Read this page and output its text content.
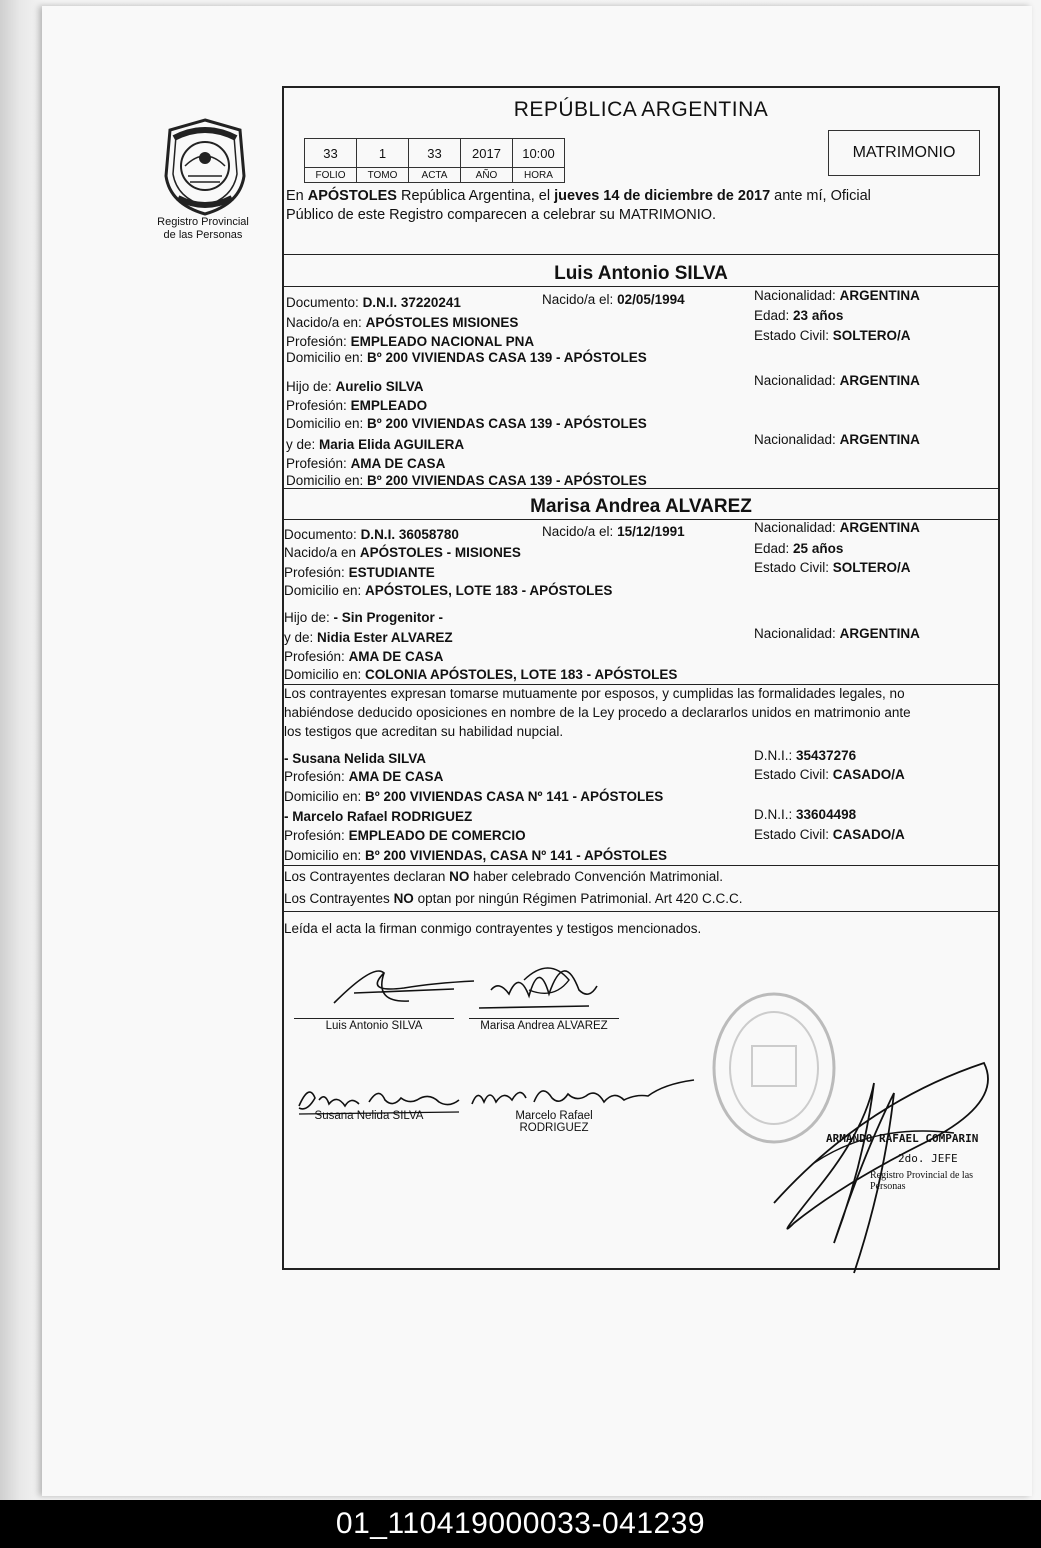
Registro Provincial
de las Personas
REPÚBLICA ARGENTINA
33	1	33	2017	10:00
FOLIO	TOMO	ACTA	AÑO	HORA
MATRIMONIO
En APÓSTOLES República Argentina, el jueves 14 de diciembre de 2017 ante mí, Oficial
Público de este Registro comparecen a celebrar su MATRIMONIO.
Luis Antonio SILVA
Documento: D.N.I. 37220241	Nacido/a el: 02/05/1994	Nacionalidad: ARGENTINA
Nacido/a en: APÓSTOLES MISIONES	Edad: 23 años
Profesión: EMPLEADO NACIONAL PNA	Estado Civil: SOLTERO/A
Domicilio en: Bº 200 VIVIENDAS CASA 139 - APÓSTOLES
Hijo de: Aurelio SILVA	Nacionalidad: ARGENTINA
Profesión: EMPLEADO
Domicilio en: Bº 200 VIVIENDAS CASA 139 - APÓSTOLES
y de: Maria Elida AGUILERA	Nacionalidad: ARGENTINA
Profesión: AMA DE CASA
Domicilio en: Bº 200 VIVIENDAS CASA 139 - APÓSTOLES
Marisa Andrea ALVAREZ
Documento: D.N.I. 36058780	Nacido/a el: 15/12/1991	Nacionalidad: ARGENTINA
Nacido/a en APÓSTOLES - MISIONES	Edad: 25 años
Profesión: ESTUDIANTE	Estado Civil: SOLTERO/A
Domicilio en: APÓSTOLES, LOTE 183 - APÓSTOLES
Hijo de: - Sin Progenitor -
y de: Nidia Ester ALVAREZ	Nacionalidad: ARGENTINA
Profesión: AMA DE CASA
Domicilio en: COLONIA APÓSTOLES, LOTE 183 - APÓSTOLES
Los contrayentes expresan tomarse mutuamente por esposos, y cumplidas las formalidades legales, no
habiéndose deducido oposiciones en nombre de la Ley procedo a declararlos unidos en matrimonio ante
los testigos que acreditan su habilidad nupcial.
- Susana Nelida SILVA	D.N.I.: 35437276
Profesión: AMA DE CASA	Estado Civil: CASADO/A
Domicilio en: Bº 200 VIVIENDAS CASA Nº 141 - APÓSTOLES
- Marcelo Rafael RODRIGUEZ	D.N.I.: 33604498
Profesión: EMPLEADO DE COMERCIO	Estado Civil: CASADO/A
Domicilio en: Bº 200 VIVIENDAS, CASA Nº 141 - APÓSTOLES
Los Contrayentes declaran NO haber celebrado Convención Matrimonial.
Los Contrayentes NO optan por ningún Régimen Patrimonial. Art 420 C.C.C.
Leída el acta la firman conmigo contrayentes y testigos mencionados.
Luis Antonio SILVA	Marisa Andrea ALVAREZ
Susana Nelida SILVA	Marcelo Rafael
RODRIGUEZ
ARMANDO RAFAEL COMPARIN
2do. JEFE
Registro Provincial de las Personas
01_110419000033-041239
